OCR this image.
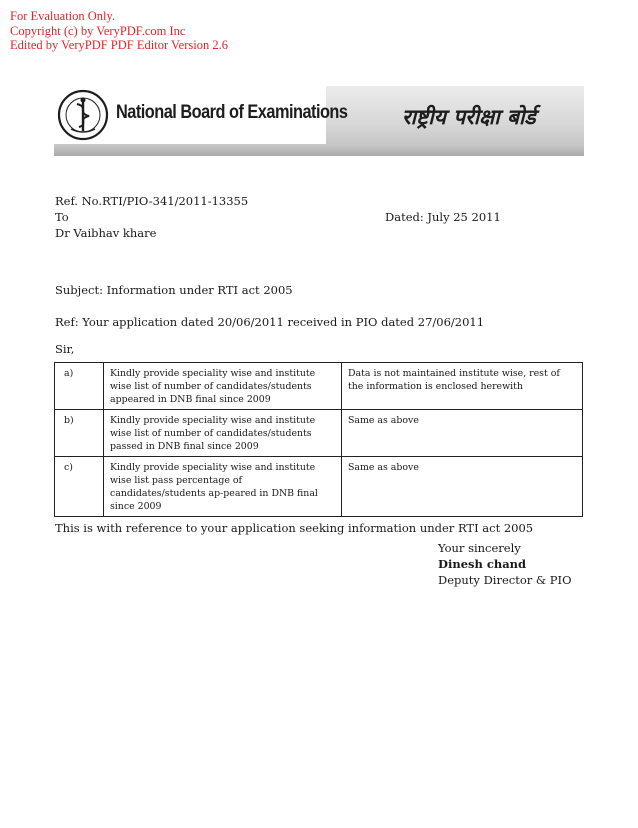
For Evaluation Only.
Copyright (c) by VeryPDF.com Inc
Edited by VeryPDF PDF Editor Version 2.6
National Board of Examinations	राष्ट्रीय परीक्षा बोर्ड
Ref. No.RTI/PIO-341/2011-13355
To	Dated: July 25 2011
Dr Vaibhav khare
Subject: Information under RTI act 2005
Ref: Your application dated 20/06/2011 received in PIO dated 27/06/2011
Sir,
a)	Kindly provide speciality wise and institute wise list of number of candidates/students appeared in DNB final since 2009	Data is not maintained institute wise, rest of the information is enclosed herewith
b)	Kindly provide speciality wise and institute wise list of number of candidates/students passed in DNB final since 2009	Same as above
c)	Kindly provide speciality wise and institute wise list pass percentage of candidates/students ap-peared in DNB final since 2009	Same as above
This is with reference to your application seeking information under RTI act 2005
Your sincerely
Dinesh chand
Deputy Director & PIO
